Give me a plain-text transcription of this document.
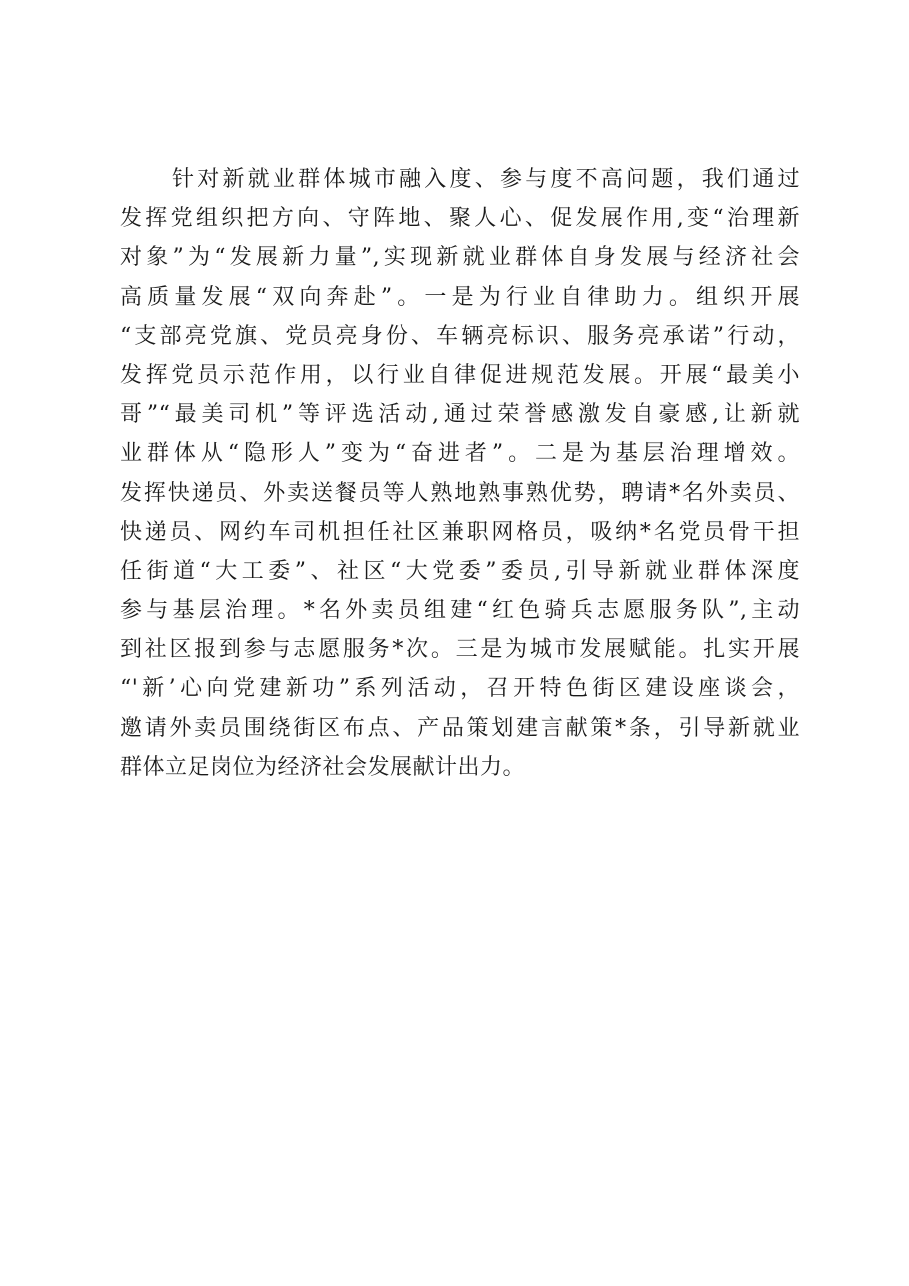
针对新就业群体城市融入度、参与度不高问题，我们通过
发挥党组织把方向、守阵地、聚人心、促发展作用,变“治理新
对象”为“发展新力量”,实现新就业群体自身发展与经济社会
高质量发展“双向奔赴”。一是为行业自律助力。组织开展
“支部亮党旗、党员亮身份、车辆亮标识、服务亮承诺”行动，
发挥党员示范作用，以行业自律促进规范发展。开展“最美小
哥”“最美司机”等评选活动,通过荣誉感激发自豪感,让新就
业群体从“隐形人”变为“奋进者”。二是为基层治理增效。
发挥快递员、外卖送餐员等人熟地熟事熟优势，聘请*名外卖员、
快递员、网约车司机担任社区兼职网格员，吸纳*名党员骨干担
任街道“大工委”、社区“大党委”委员,引导新就业群体深度
参与基层治理。*名外卖员组建“红色骑兵志愿服务队”,主动
到社区报到参与志愿服务*次。三是为城市发展赋能。扎实开展
“'新’心向党建新功”系列活动，召开特色街区建设座谈会，
邀请外卖员围绕街区布点、产品策划建言献策*条，引导新就业
群体立足岗位为经济社会发展献计出力。
